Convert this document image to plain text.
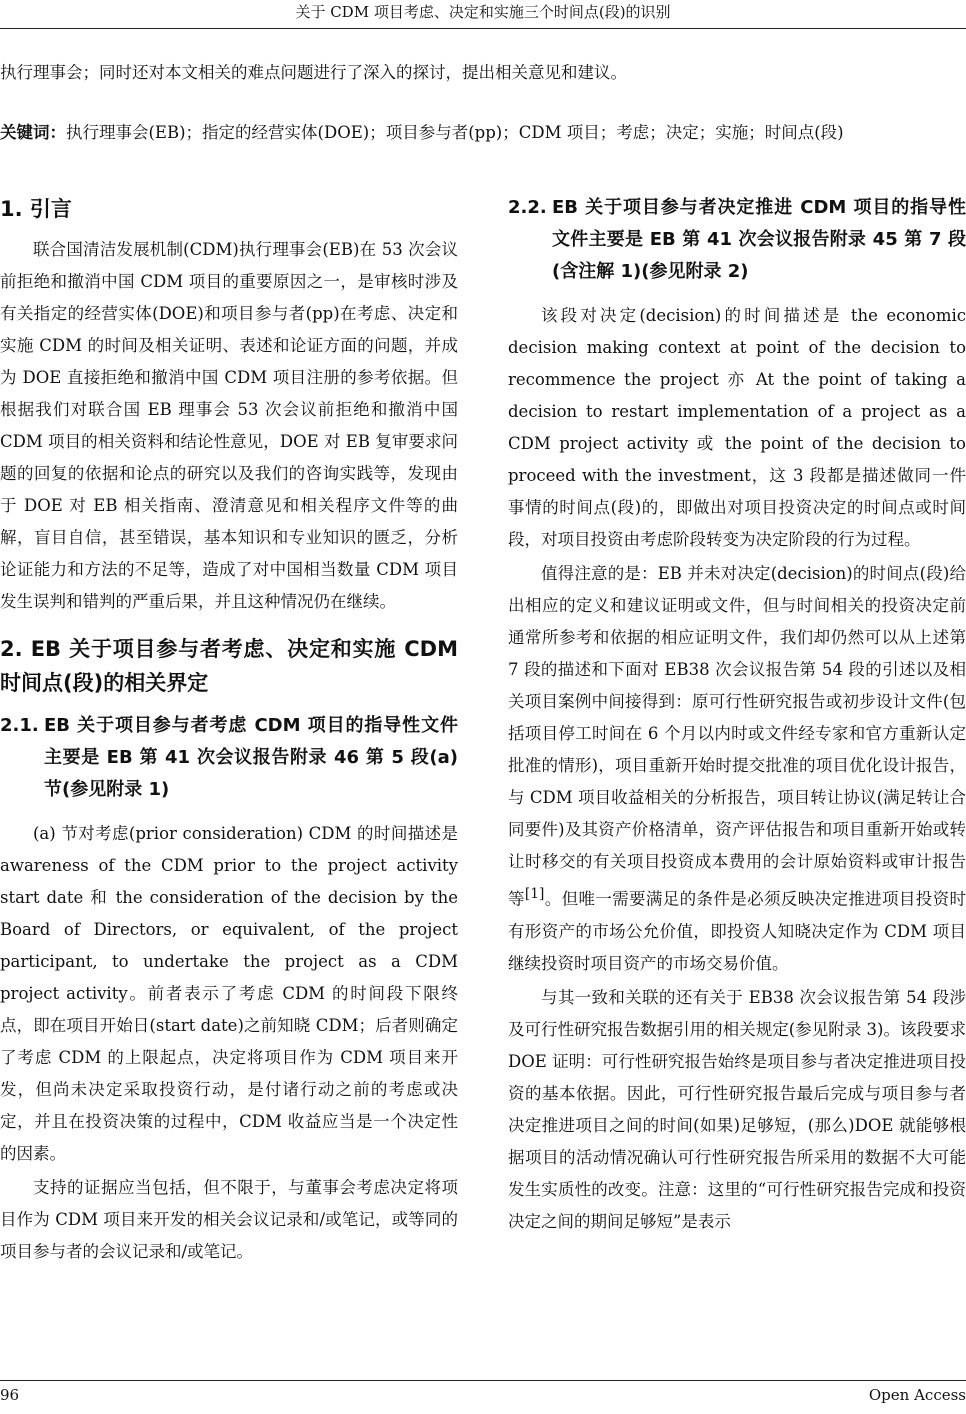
关于 CDM 项目考虑、决定和实施三个时间点(段)的识别
执行理事会；同时还对本文相关的难点问题进行了深入的探讨，提出相关意见和建议。
关键词：执行理事会(EB)；指定的经营实体(DOE)；项目参与者(pp)；CDM 项目；考虑；决定；实施；时间点(段)
1. 引言

联合国清洁发展机制(CDM)执行理事会(EB)在 53 次会议前拒绝和撤消中国 CDM 项目的重要原因之一，是审核时涉及有关指定的经营实体(DOE)和项目参与者(pp)在考虑、决定和实施 CDM 的时间及相关证明、表述和论证方面的问题，并成为 DOE 直接拒绝和撤消中国 CDM 项目注册的参考依据。但根据我们对联合国 EB 理事会 53 次会议前拒绝和撤消中国 CDM 项目的相关资料和结论性意见，DOE 对 EB 复审要求问题的回复的依据和论点的研究以及我们的咨询实践等，发现由于 DOE 对 EB 相关指南、澄清意见和相关程序文件等的曲解，盲目自信，甚至错误，基本知识和专业知识的匮乏，分析论证能力和方法的不足等，造成了对中国相当数量 CDM 项目发生误判和错判的严重后果，并且这种情况仍在继续。

2. EB 关于项目参与者考虑、决定和实施 CDM 时间点(段)的相关界定
2.1. EB 关于项目参与者考虑 CDM 项目的指导性文件主要是 EB 第 41 次会议报告附录 46 第 5 段(a)节(参见附录 1)

(a) 节对考虑(prior consideration) CDM 的时间描述是 awareness of the CDM prior to the project activity start date 和 the consideration of the decision by the Board of Directors, or equivalent, of the project participant, to undertake the project as a CDM project activity。前者表示了考虑 CDM 的时间段下限终点，即在项目开始日(start date)之前知晓 CDM；后者则确定了考虑 CDM 的上限起点，决定将项目作为 CDM 项目来开发，但尚未决定采取投资行动，是付诸行动之前的考虑或决定，并且在投资决策的过程中，CDM 收益应当是一个决定性的因素。

支持的证据应当包括，但不限于，与董事会考虑决定将项目作为 CDM 项目来开发的相关会议记录和/或笔记，或等同的项目参与者的会议记录和/或笔记。

2.2. EB 关于项目参与者决定推进 CDM 项目的指导性文件主要是 EB 第 41 次会议报告附录 45 第 7 段(含注解 1)(参见附录 2)

该段对决定(decision)的时间描述是 the economic decision making context at point of the decision to recommence the project 亦 At the point of taking a decision to restart implementation of a project as a CDM project activity 或 the point of the decision to proceed with the investment，这 3 段都是描述做同一件事情的时间点(段)的，即做出对项目投资决定的时间点或时间段，对项目投资由考虑阶段转变为决定阶段的行为过程。

值得注意的是：EB 并未对决定(decision)的时间点(段)给出相应的定义和建议证明或文件，但与时间相关的投资决定前通常所参考和依据的相应证明文件，我们却仍然可以从上述第 7 段的描述和下面对 EB38 次会议报告第 54 段的引述以及相关项目案例中间接得到：原可行性研究报告或初步设计文件(包括项目停工时间在 6 个月以内时或文件经专家和官方重新认定批准的情形)，项目重新开始时提交批准的项目优化设计报告，与 CDM 项目收益相关的分析报告，项目转让协议(满足转让合同要件)及其资产价格清单，资产评估报告和项目重新开始或转让时移交的有关项目投资成本费用的会计原始资料或审计报告等[1]。但唯一需要满足的条件是必须反映决定推进项目投资时有形资产的市场公允价值，即投资人知晓决定作为 CDM 项目继续投资时项目资产的市场交易价值。

与其一致和关联的还有关于 EB38 次会议报告第 54 段涉及可行性研究报告数据引用的相关规定(参见附录 3)。该段要求 DOE 证明：可行性研究报告始终是项目参与者决定推进项目投资的基本依据。因此，可行性研究报告最后完成与项目参与者决定推进项目之间的时间(如果)足够短，(那么)DOE 就能够根据项目的活动情况确认可行性研究报告所采用的数据不大可能发生实质性的改变。注意：这里的“可行性研究报告完成和投资决定之间的期间足够短”是表示

96	Open Access
